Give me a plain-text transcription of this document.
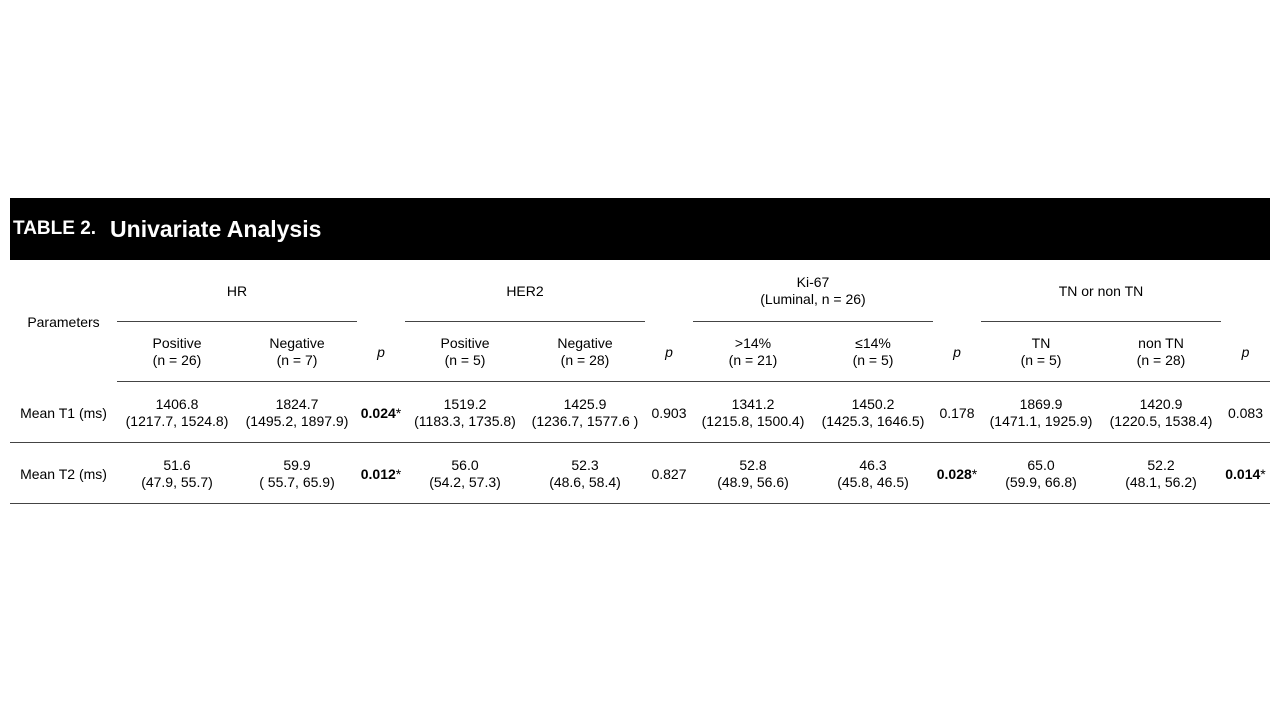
TABLE 2. Univariate Analysis
Parameters
HR	HER2
Ki-67
(Luminal, n = 26)
TN or non TN
Positive
(n = 26)
Negative
(n = 7)
p
Positive
(n = 5)
Negative
(n = 28)
p
>14%
(n = 21)
≤14%
(n = 5)
p
TN
(n = 5)
non TN
(n = 28)
p
Mean T1 (ms)
1406.8
(1217.7, 1524.8)
1824.7
(1495.2, 1897.9)
0.024*
1519.2
(1183.3, 1735.8)
1425.9
(1236.7, 1577.6 )
0.903
1341.2
(1215.8, 1500.4)
1450.2
(1425.3, 1646.5)
0.178
1869.9
(1471.1, 1925.9)
1420.9
(1220.5, 1538.4)
0.083
Mean T2 (ms)
51.6
(47.9, 55.7)
59.9
( 55.7, 65.9)
0.012*
56.0
(54.2, 57.3)
52.3
(48.6, 58.4)
0.827
52.8
(48.9, 56.6)
46.3
(45.8, 46.5)
0.028*
65.0
(59.9, 66.8)
52.2
(48.1, 56.2)
0.014*
